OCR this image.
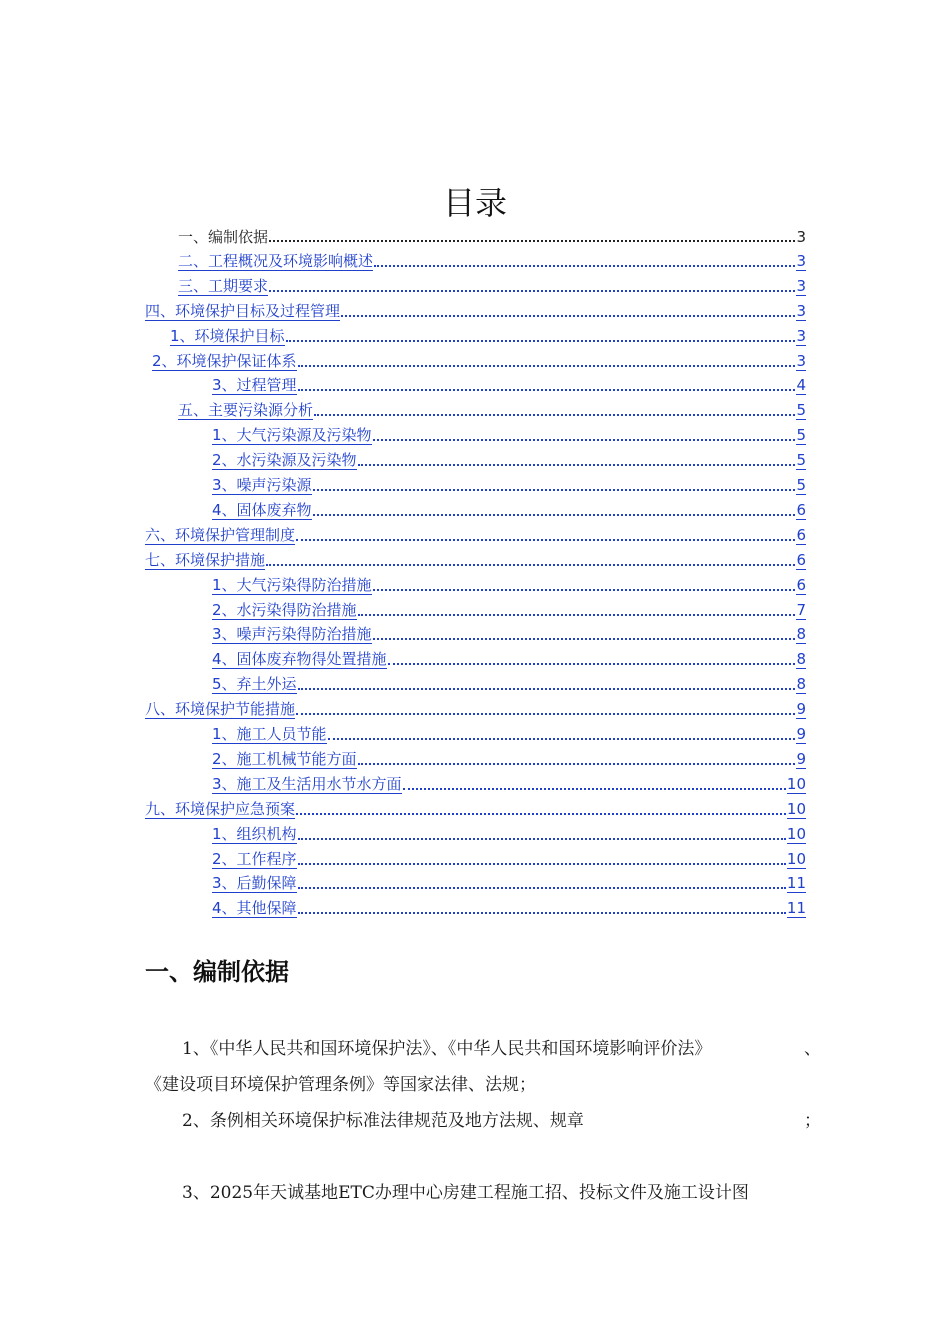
目录
一、编制依据	3
二、工程概况及环境影响概述	3
三、工期要求	3
四、环境保护目标及过程管理	3
1、环境保护目标	3
2、环境保护保证体系	3
3、过程管理	4
五、主要污染源分析	5
1、大气污染源及污染物	5
2、水污染源及污染物	5
3、噪声污染源	5
4、固体废弃物	6
六、环境保护管理制度	6
七、环境保护措施	6
1、大气污染得防治措施	6
2、水污染得防治措施	7
3、噪声污染得防治措施	8
4、固体废弃物得处置措施	8
5、弃土外运	8
八、环境保护节能措施	9
1、施工人员节能	9
2、施工机械节能方面	9
3、施工及生活用水节水方面	10
九、环境保护应急预案	10
1、组织机构	10
2、工作程序	10
3、后勤保障	11
4、其他保障	11
一、编制依据
1、《中华人民共和国环境保护法》、《中华人民共和国环境影响评价法》	、
《建设项目环境保护管理条例》等国家法律、法规；
2、条例相关环境保护标准法律规范及地方法规、规章	；
3、2025年天诚基地ETC办理中心房建工程施工招、投标文件及施工设计图
